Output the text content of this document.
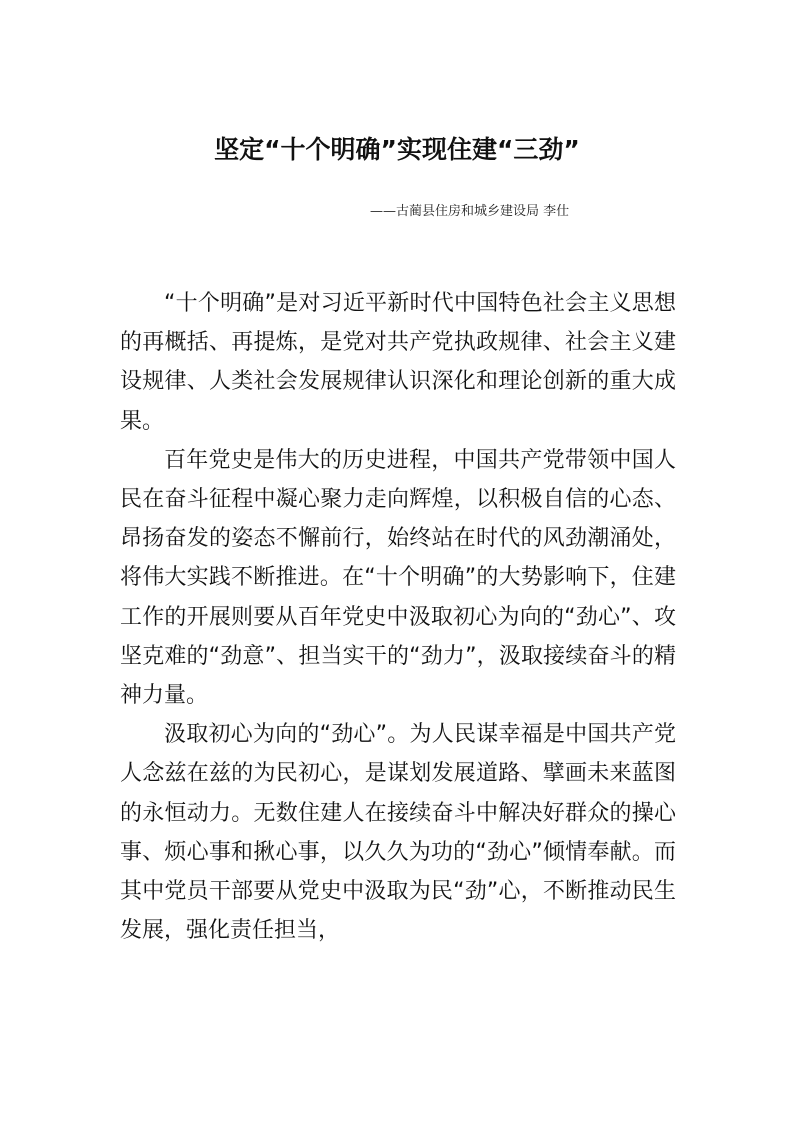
坚定“十个明确”实现住建“三劲”
——古蔺县住房和城乡建设局 李仕

“十个明确”是对习近平新时代中国特色社会主义思想的再概括、再提炼，是党对共产党执政规律、社会主义建设规律、人类社会发展规律认识深化和理论创新的重大成果。

百年党史是伟大的历史进程，中国共产党带领中国人民在奋斗征程中凝心聚力走向辉煌，以积极自信的心态、昂扬奋发的姿态不懈前行，始终站在时代的风劲潮涌处，将伟大实践不断推进。在“十个明确”的大势影响下，住建工作的开展则要从百年党史中汲取初心为向的“劲心”、攻坚克难的“劲意”、担当实干的“劲力”，汲取接续奋斗的精神力量。

汲取初心为向的“劲心”。为人民谋幸福是中国共产党人念兹在兹的为民初心，是谋划发展道路、擘画未来蓝图的永恒动力。无数住建人在接续奋斗中解决好群众的操心事、烦心事和揪心事，以久久为功的“劲心”倾情奉献。而其中党员干部要从党史中汲取为民“劲”心，不断推动民生发展，强化责任担当，
